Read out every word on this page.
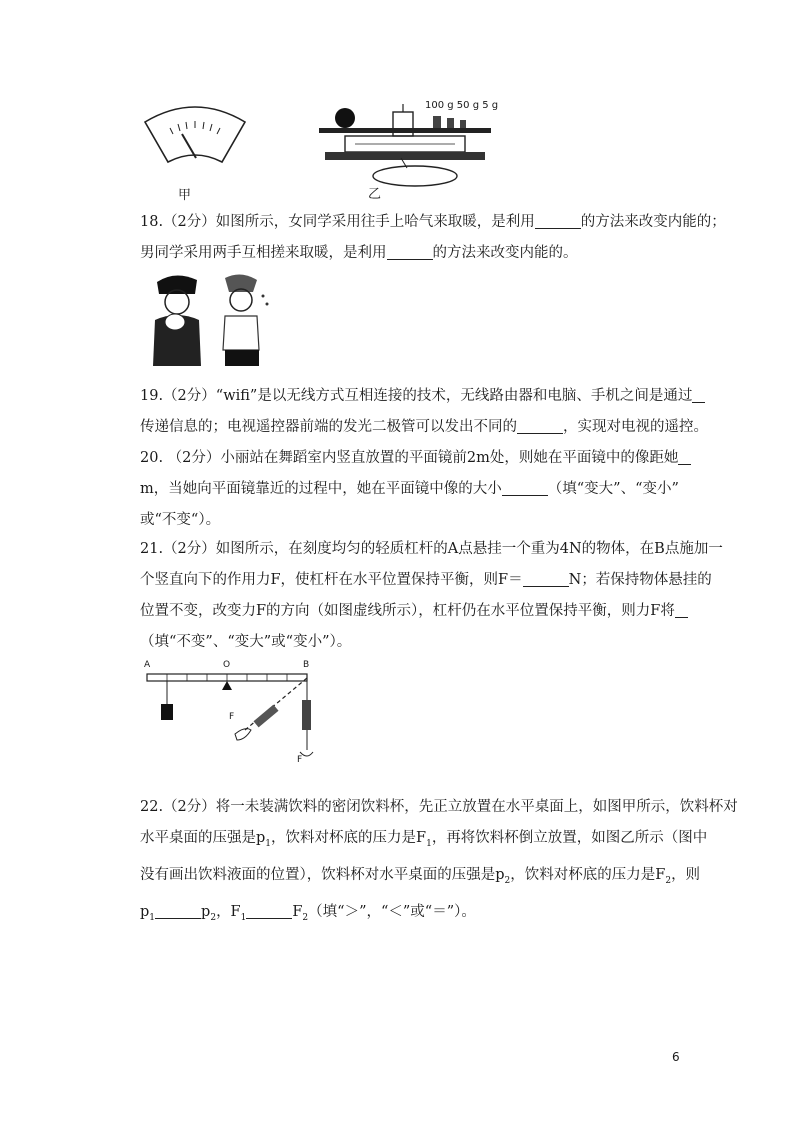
甲
100 g 50 g 5 g
乙

18.（2分）如图所示，女同学采用往手上哈气来取暖，是利用	的方法来改变内能的；

男同学采用两手互相搓来取暖，是利用	的方法来改变内能的。

19.（2分）“wifi”是以无线方式互相连接的技术，无线路由器和电脑、手机之间是通过

传递信息的；电视遥控器前端的发光二极管可以发出不同的	，实现对电视的遥控。

20. （2分）小丽站在舞蹈室内竖直放置的平面镜前2m处，则她在平面镜中的像距她

m，当她向平面镜靠近的过程中，她在平面镜中像的大小	（填“变大”、“变小”

或“不变“）。

21.（2分）如图所示，在刻度均匀的轻质杠杆的A点悬挂一个重为4N的物体，在B点施加一

个竖直向下的作用力F，使杠杆在水平位置保持平衡，则F＝	N；若保持物体悬挂的

位置不变，改变力F的方向（如图虚线所示），杠杆仍在水平位置保持平衡，则力F将

（填“不变”、“变大”或“变小”）。

A	O	B
F
F

22.（2分）将一未装满饮料的密闭饮料杯，先正立放置在水平桌面上，如图甲所示，饮料杯对

水平桌面的压强是$p_1$，饮料对杯底的压力是$F_1$，再将饮料杯倒立放置，如图乙所示（图中

没有画出饮料液面的位置），饮料杯对水平桌面的压强是$p_2$，饮料对杯底的压力是$F_2$，则

$p_1$	$p_2$，$F_1$	$F_2$（填“＞”，“＜”或“＝”）。

6
